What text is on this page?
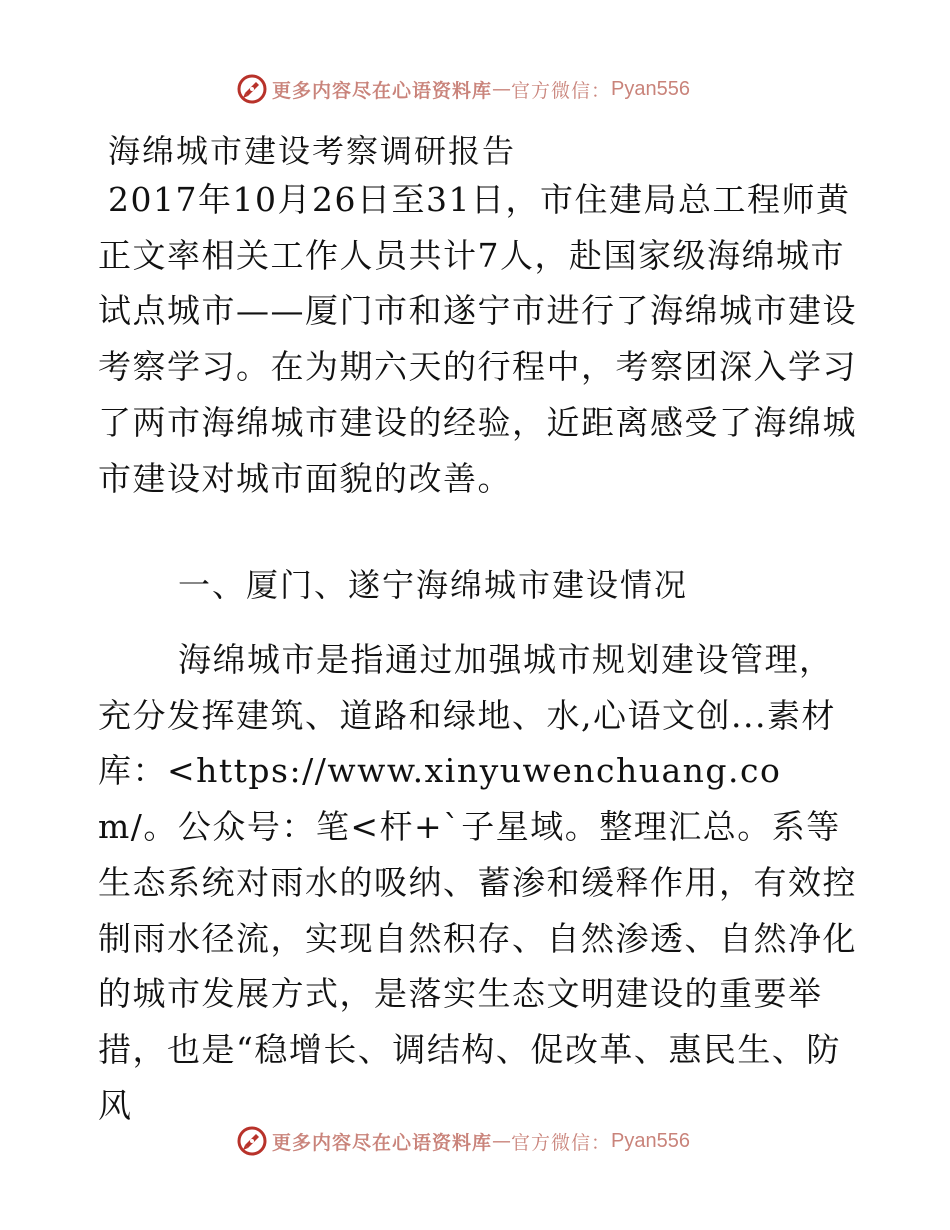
更多内容尽在心语资料库 — 官方微信： Pyan556
海绵城市建设考察调研报告

2017年10月26日至31日，市住建局总工程师黄正文率相关工作人员共计7人，赴国家级海绵城市试点城市——厦门市和遂宁市进行了海绵城市建设考察学习。在为期六天的行程中，考察团深入学习了两市海绵城市建设的经验，近距离感受了海绵城市建设对城市面貌的改善。

一、厦门、遂宁海绵城市建设情况

海绵城市是指通过加强城市规划建设管理，充分发挥建筑、道路和绿地、水,心语文创...素材库：<https://www.xinyuwenchuang.com/。公众号：笔<杆+`子星域。整理汇总。系等生态系统对雨水的吸纳、蓄渗和缓释作用，有效控制雨水径流，实现自然积存、自然渗透、自然净化的城市发展方式，是落实生态文明建设的重要举措，也是“稳增长、调结构、促改革、惠民生、防风

更多内容尽在心语资料库 — 官方微信： Pyan556
